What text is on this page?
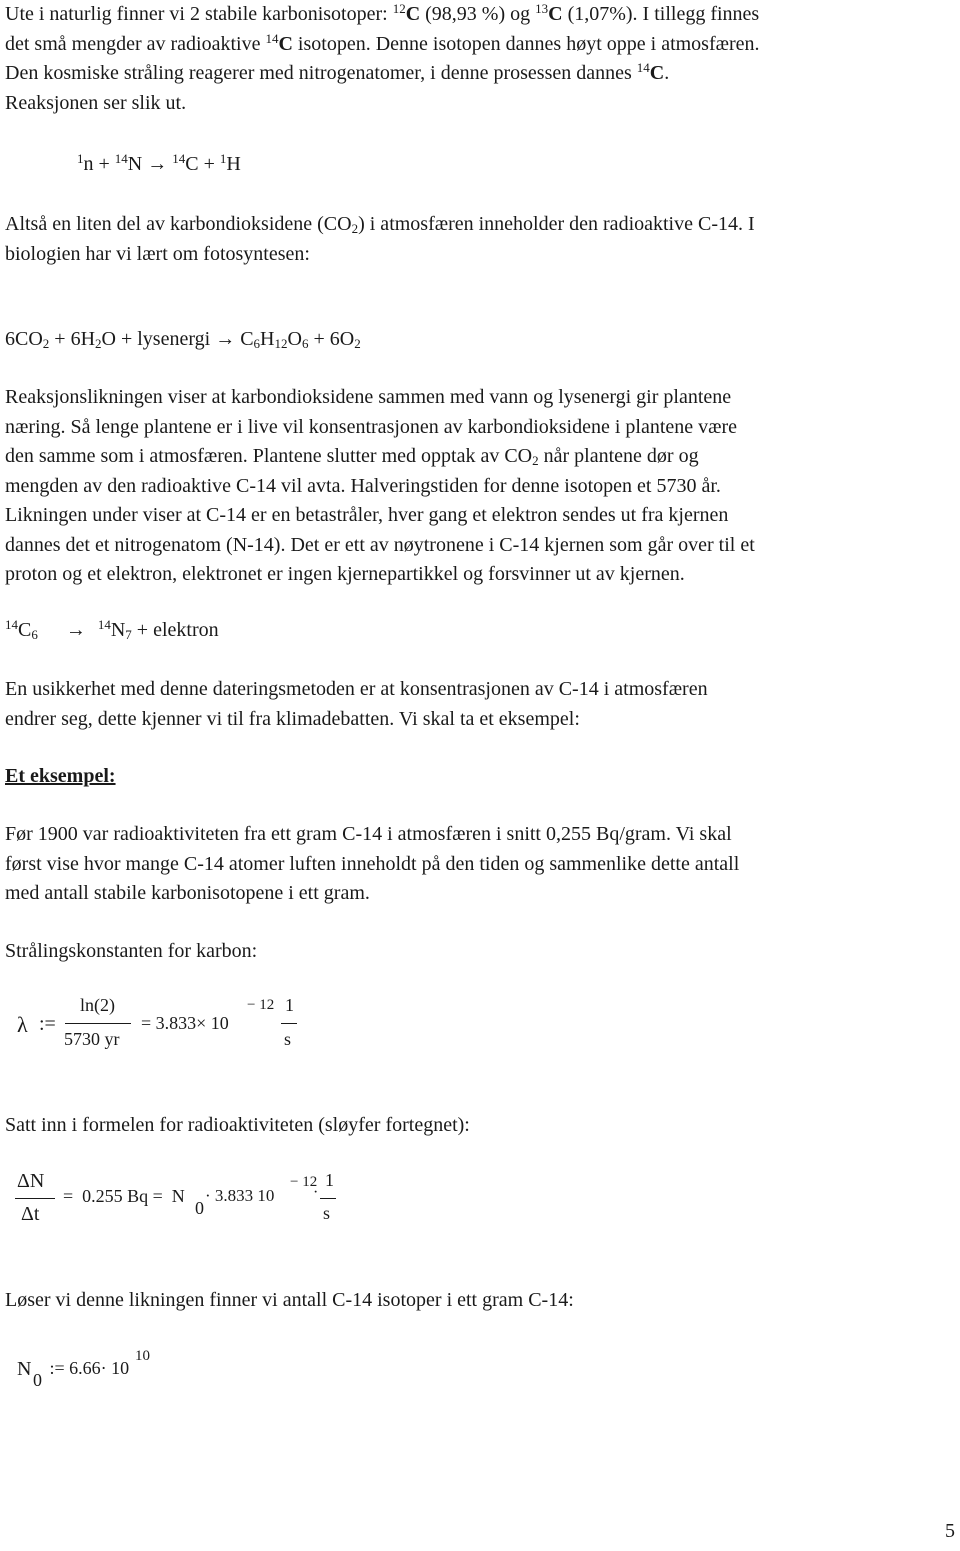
Ute i naturlig finner vi 2 stabile karbonisotoper: $^{12}$C (98,93 %) og $^{13}$C (1,07%). I tillegg finnes
det små mengder av radioaktive $^{14}$C isotopen. Denne isotopen dannes høyt oppe i atmosfæren.
Den kosmiske stråling reagerer med nitrogenatomer, i denne prosessen dannes $^{14}$C.
Reaksjonen ser slik ut.

$^1$n + $^{14}$N → $^{14}$C + $^1$H

Altså en liten del av karbondioksidene $(CO_2)$ i atmosfæren inneholder den radioaktive C-14. I
biologien har vi lært om fotosyntesen:

$6CO_2 + 6H_2O$ + lysenergi → $C_6H_{12}O_6 + 6O_2$

Reaksjonslikningen viser at karbondioksidene sammen med vann og lysenergi gir plantene
næring. Så lenge plantene er i live vil konsentrasjonen av karbondioksidene i plantene være
den samme som i atmosfæren. Plantene slutter med opptak av $CO_2$ når plantene dør og
mengden av den radioaktive C-14 vil avta. Halveringstiden for denne isotopen et 5730 år.
Likningen under viser at C-14 er en betastråler, hver gang et elektron sendes ut fra kjernen
dannes det et nitrogenatom (N-14). Det er ett av nøytronene i C-14 kjernen som går over til et
proton og et elektron, elektronet er ingen kjernepartikkel og forsvinner ut av kjernen.

$^{14}C_6 \to ^{14}N_7$ + elektron

En usikkerhet med denne dateringsmetoden er at konsentrasjonen av C-14 i atmosfæren
endrer seg, dette kjenner vi til fra klimadebatten. Vi skal ta et eksempel:

Et eksempel:

Før 1900 var radioaktiviteten fra ett gram C-14 i atmosfæren i snitt 0,255 Bq/gram. Vi skal
først vise hvor mange C-14 atomer luften inneholdt på den tiden og sammenlike dette antall
med antall stabile karbonisotopene i ett gram.

Strålingskonstanten for karbon:

λ :=
ln(2)
5730 yr
= 3.833× 10
− 12 1
s

Satt inn i formelen for radioaktiviteten (sløyfer fortegnet):

ΔN
Δt
=  0.255 Bq =  N
0
· 3.833 10
− 12
·
1
s

Løser vi denne likningen finner vi antall C-14 isotoper i ett gram C-14:

N 0
:= 6.66· 10
10
5
